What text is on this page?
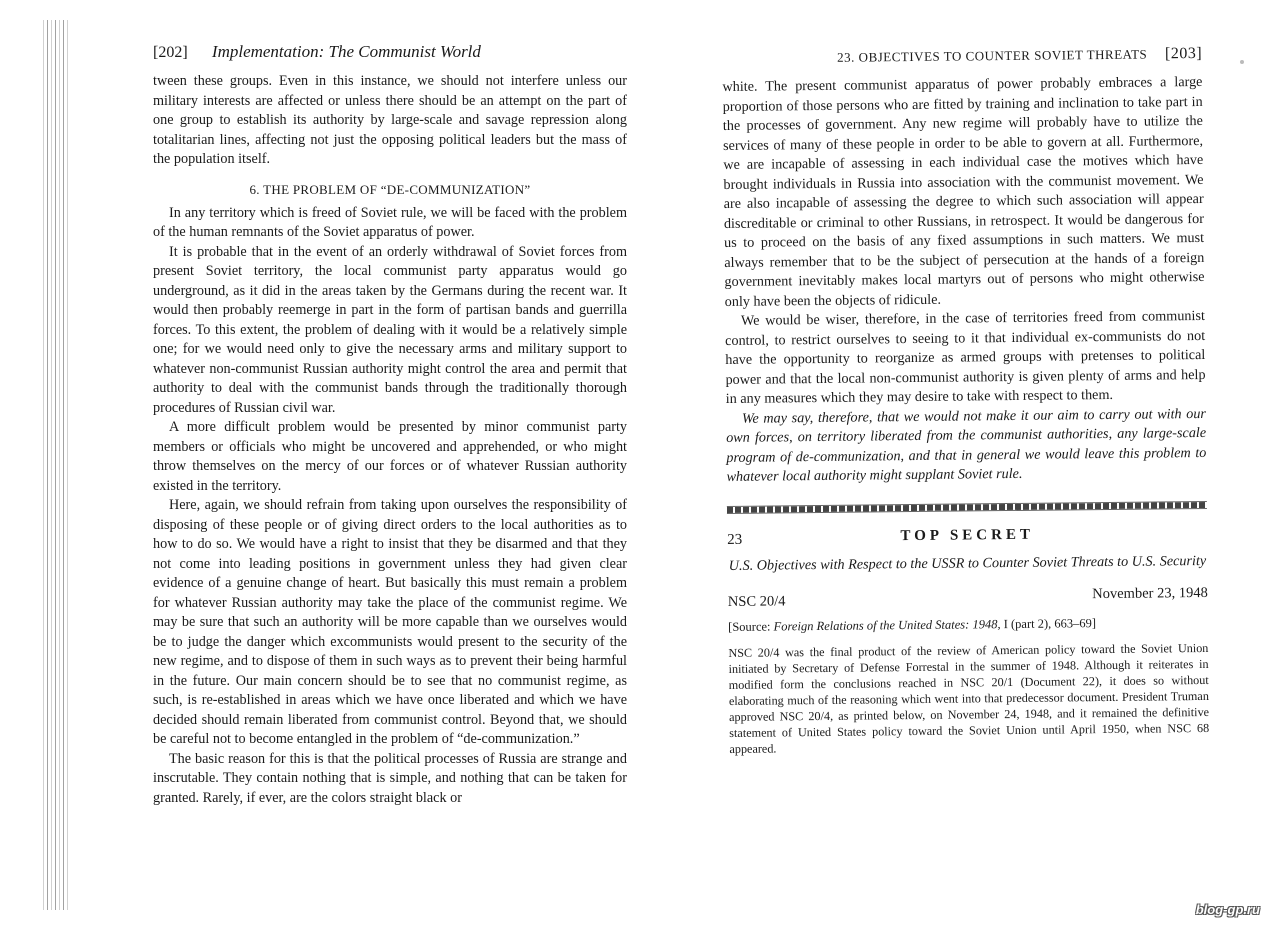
[202] Implementation: The Communist World

tween these groups. Even in this instance, we should not interfere unless our military interests are affected or unless there should be an attempt on the part of one group to establish its authority by large-scale and savage repression along totalitarian lines, affecting not just the opposing political leaders but the mass of the population itself.

6. THE PROBLEM OF “DE-COMMUNIZATION”

In any territory which is freed of Soviet rule, we will be faced with the problem of the human remnants of the Soviet apparatus of power.

It is probable that in the event of an orderly withdrawal of Soviet forces from present Soviet territory, the local communist party apparatus would go underground, as it did in the areas taken by the Germans during the recent war. It would then probably reemerge in part in the form of partisan bands and guerrilla forces. To this extent, the problem of dealing with it would be a relatively simple one; for we would need only to give the necessary arms and military support to whatever non-communist Russian authority might control the area and permit that authority to deal with the communist bands through the traditionally thorough procedures of Russian civil war.

A more difficult problem would be presented by minor communist party members or officials who might be uncovered and apprehended, or who might throw themselves on the mercy of our forces or of whatever Russian authority existed in the territory.

Here, again, we should refrain from taking upon ourselves the responsibility of disposing of these people or of giving direct orders to the local authorities as to how to do so. We would have a right to insist that they be disarmed and that they not come into leading positions in government unless they had given clear evidence of a genuine change of heart. But basically this must remain a problem for whatever Russian authority may take the place of the communist regime. We may be sure that such an authority will be more capable than we ourselves would be to judge the danger which excommunists would present to the security of the new regime, and to dispose of them in such ways as to prevent their being harmful in the future. Our main concern should be to see that no communist regime, as such, is re-established in areas which we have once liberated and which we have decided should remain liberated from communist control. Beyond that, we should be careful not to become entangled in the problem of “de-communization.”

The basic reason for this is that the political processes of Russia are strange and inscrutable. They contain nothing that is simple, and nothing that can be taken for granted. Rarely, if ever, are the colors straight black or

23. OBJECTIVES TO COUNTER SOVIET THREATS [203]

white. The present communist apparatus of power probably embraces a large proportion of those persons who are fitted by training and inclination to take part in the processes of government. Any new regime will probably have to utilize the services of many of these people in order to be able to govern at all. Furthermore, we are incapable of assessing in each individual case the motives which have brought individuals in Russia into association with the communist movement. We are also incapable of assessing the degree to which such association will appear discreditable or criminal to other Russians, in retrospect. It would be dangerous for us to proceed on the basis of any fixed assumptions in such matters. We must always remember that to be the subject of persecution at the hands of a foreign government inevitably makes local martyrs out of persons who might otherwise only have been the objects of ridicule.

We would be wiser, therefore, in the case of territories freed from communist control, to restrict ourselves to seeing to it that individual ex-communists do not have the opportunity to reorganize as armed groups with pretenses to political power and that the local non-communist authority is given plenty of arms and help in any measures which they may desire to take with respect to them.

We may say, therefore, that we would not make it our aim to carry out with our own forces, on territory liberated from the communist authorities, any large-scale program of de-communization, and that in general we would leave this problem to whatever local authority might supplant Soviet rule.

23	TOP SECRET
U.S. Objectives with Respect to the USSR to Counter Soviet Threats to U.S. Security
NSC 20/4	November 23, 1948
[Source: Foreign Relations of the United States: 1948, I (part 2), 663–69]
NSC 20/4 was the final product of the review of American policy toward the Soviet Union initiated by Secretary of Defense Forrestal in the summer of 1948. Although it reiterates in modified form the conclusions reached in NSC 20/1 (Document 22), it does so without elaborating much of the reasoning which went into that predecessor document. President Truman approved NSC 20/4, as printed below, on November 24, 1948, and it remained the definitive statement of United States policy toward the Soviet Union until April 1950, when NSC 68 appeared.
blog-gp.ru
